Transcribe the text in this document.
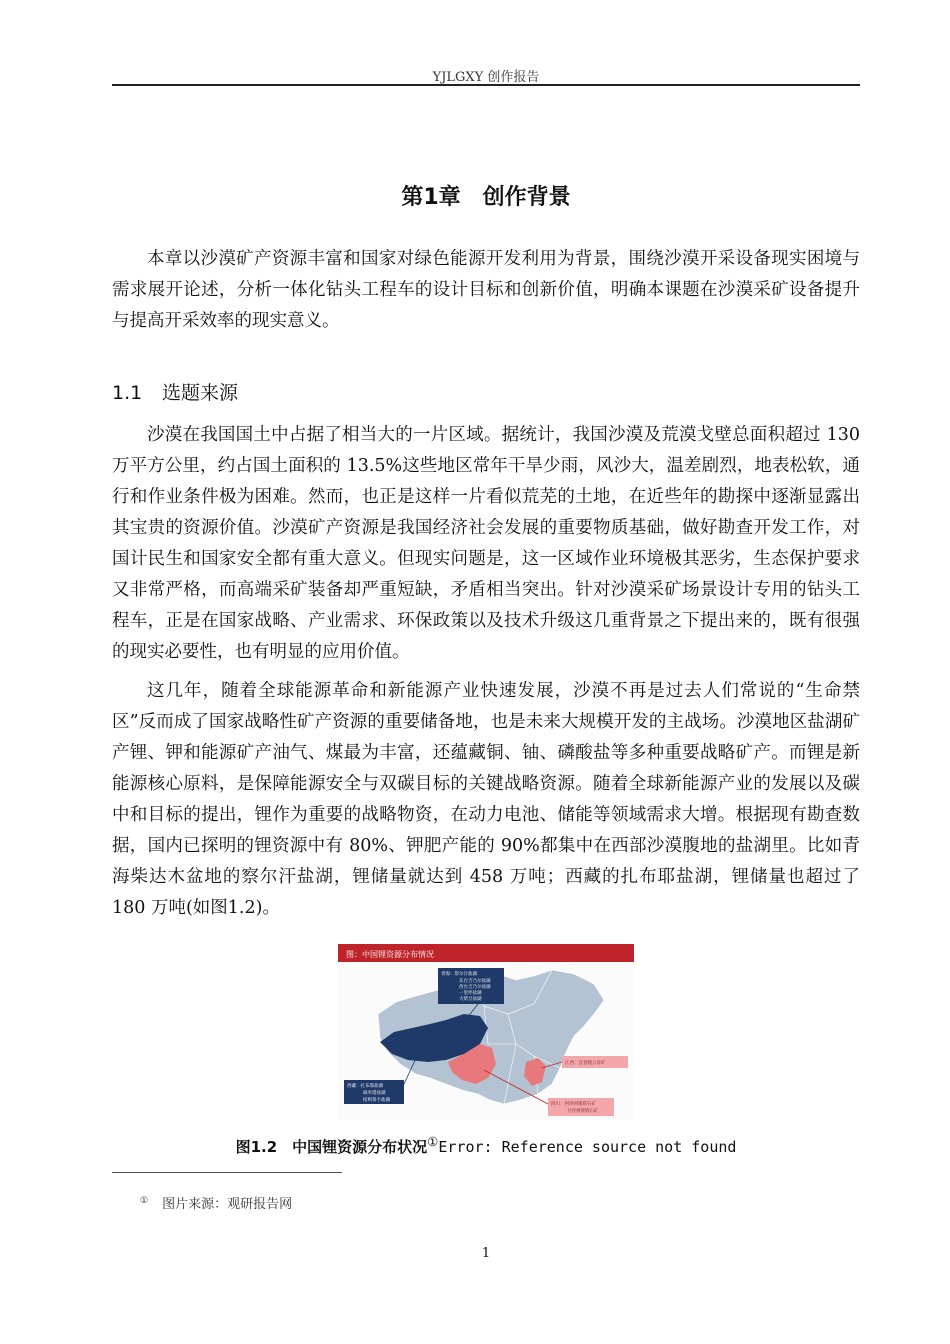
YJLGXY 创作报告
第1章　创作背景

本章以沙漠矿产资源丰富和国家对绿色能源开发利用为背景，围绕沙漠开采设备现实困境与需求展开论述，分析一体化钻头工程车的设计目标和创新价值，明确本课题在沙漠采矿设备提升与提高开采效率的现实意义。

1.1 选题来源

沙漠在我国国土中占据了相当大的一片区域。据统计，我国沙漠及荒漠戈壁总面积超过 130 万平方公里，约占国土面积的 13.5%这些地区常年干旱少雨，风沙大，温差剧烈，地表松软，通行和作业条件极为困难。然而，也正是这样一片看似荒芜的土地，在近些年的勘探中逐渐显露出其宝贵的资源价值。沙漠矿产资源是我国经济社会发展的重要物质基础，做好勘查开发工作，对国计民生和国家安全都有重大意义。但现实问题是，这一区域作业环境极其恶劣，生态保护要求又非常严格，而高端采矿装备却严重短缺，矛盾相当突出。针对沙漠采矿场景设计专用的钻头工程车，正是在国家战略、产业需求、环保政策以及技术升级这几重背景之下提出来的，既有很强的现实必要性，也有明显的应用价值。

这几年，随着全球能源革命和新能源产业快速发展，沙漠不再是过去人们常说的“生命禁区”反而成了国家战略性矿产资源的重要储备地，也是未来大规模开发的主战场。沙漠地区盐湖矿产锂、钾和能源矿产油气、煤最为丰富，还蕴藏铜、铀、磷酸盐等多种重要战略矿产。而锂是新能源核心原料，是保障能源安全与双碳目标的关键战略资源。随着全球新能源产业的发展以及碳中和目标的提出，锂作为重要的战略物资，在动力电池、储能等领域需求大增。根据现有勘查数据，国内已探明的锂资源中有 80%、钾肥产能的 90%都集中在西部沙漠腹地的盐湖里。比如青海柴达木盆地的察尔汗盐湖，锂储量就达到 458 万吨；西藏的扎布耶盐湖，锂储量也超过了 180 万吨(如图1.2)。

图：中国锂资源分布情况
青海：察尔汗盐湖
东台吉乃尔盐湖
西台吉乃尔盐湖
一里坪盐湖
大柴旦盐湖
西藏：扎布耶盐湖
麻米错盐湖
结则茶卡盐湖
江西：宜春锂云母矿
四川：阿坝州锂辉石矿
甘孜州锂辉石矿
图1.2　中国锂资源分布状况①Error: Reference source not found
① 图片来源：观研报告网
1
